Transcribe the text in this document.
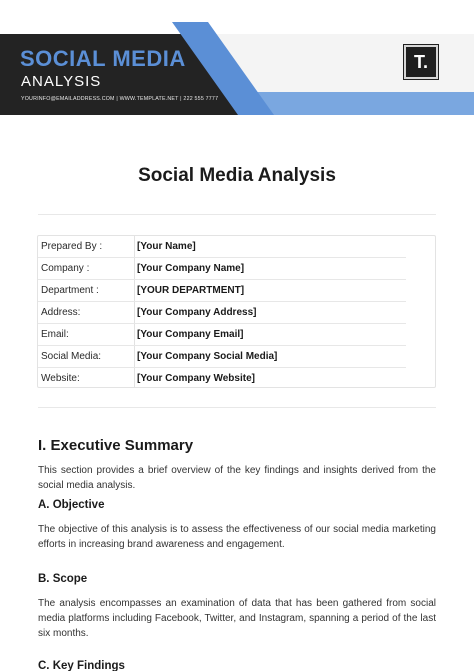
SOCIAL MEDIA
ANALYSIS
YOURINFO@EMAILADDRESS.COM | WWW.TEMPLATE.NET | 222 555 7777
T.
Social Media Analysis
Prepared By :	[Your Name]
Company :	[Your Company Name]
Department :	[YOUR DEPARTMENT]
Address:	[Your Company Address]
Email:	[Your Company Email]
Social Media:	[Your Company Social Media]
Website:	[Your Company Website]
I. Executive Summary
This section provides a brief overview of the key findings and insights derived from the social media analysis.
A. Objective
The objective of this analysis is to assess the effectiveness of our social media marketing efforts in increasing brand awareness and engagement.
B. Scope
The analysis encompasses an examination of data that has been gathered from social media platforms including Facebook, Twitter, and Instagram, spanning a period of the last six months.
C. Key Findings
